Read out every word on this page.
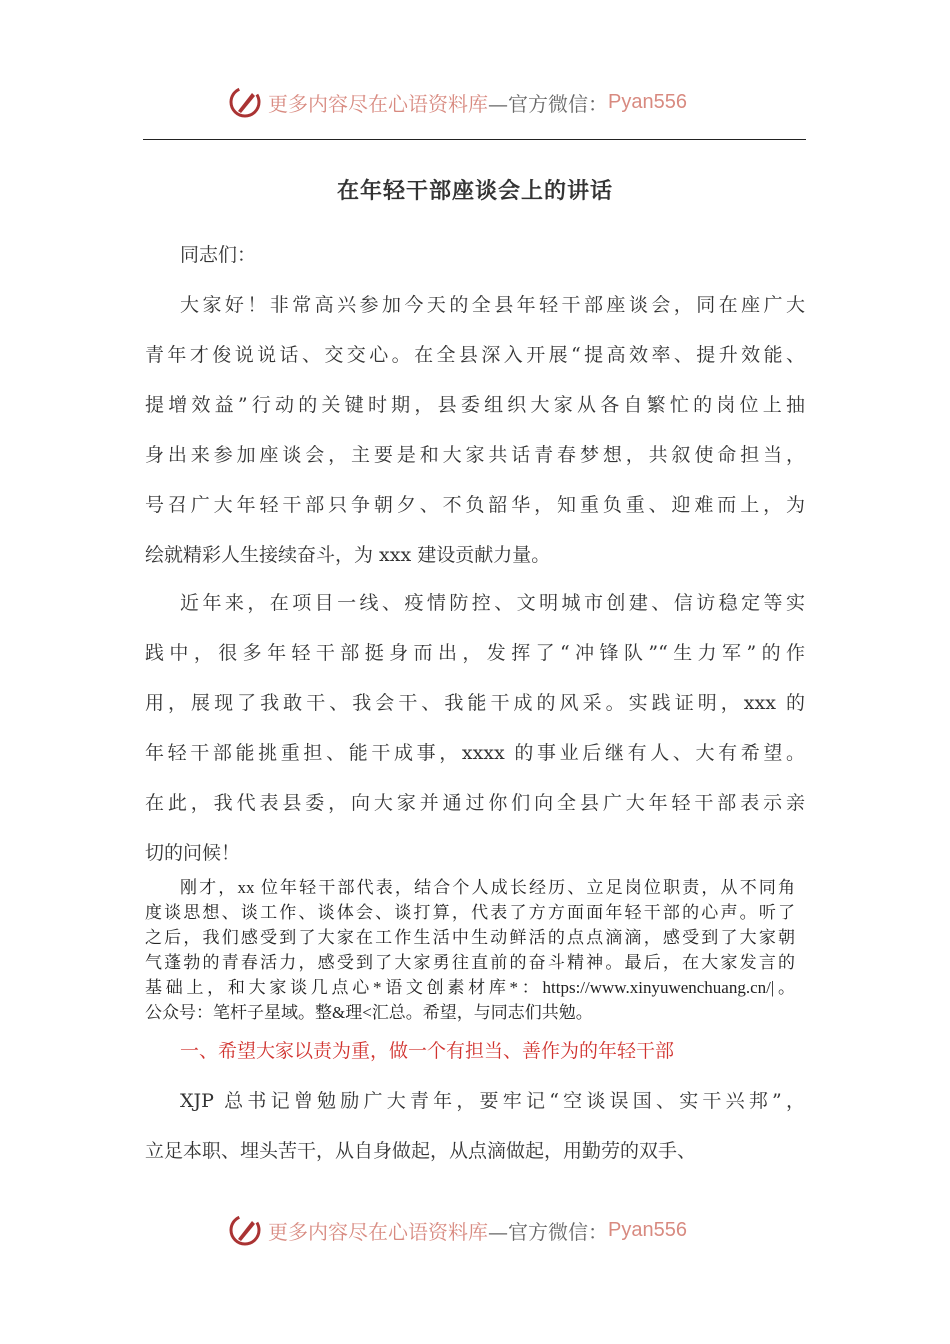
更多内容尽在心语资料库 —官方微信： Pyan556
在年轻干部座谈会上的讲话
同志们：
大家好！非常高兴参加今天的全县年轻干部座谈会，同在座广大
青年才俊说说话、交交心。在全县深入开展“提高效率、提升效能、
提增效益”行动的关键时期，县委组织大家从各自繁忙的岗位上抽
身出来参加座谈会，主要是和大家共话青春梦想，共叙使命担当，
号召广大年轻干部只争朝夕、不负韶华，知重负重、迎难而上，为
绘就精彩人生接续奋斗，为 xxx 建设贡献力量。
近年来，在项目一线、疫情防控、文明城市创建、信访稳定等实
践中，很多年轻干部挺身而出，发挥了“冲锋队”“生力军”的作
用，展现了我敢干、我会干、我能干成的风采。实践证明，xxx 的
年轻干部能挑重担、能干成事，xxxx 的事业后继有人、大有希望。
在此，我代表县委，向大家并通过你们向全县广大年轻干部表示亲
切的问候！
刚才，xx 位年轻干部代表，结合个人成长经历、立足岗位职责，从不同角
度谈思想、谈工作、谈体会、谈打算，代表了方方面面年轻干部的心声。听了
之后，我们感受到了大家在工作生活中生动鲜活的点点滴滴，感受到了大家朝
气蓬勃的青春活力，感受到了大家勇往直前的奋斗精神。最后，在大家发言的
基础上，和大家谈几点心*语文创素材库*：https://www.xinyuwenchuang.cn/|。
公众号：笔杆子星域。整&理<汇总。希望，与同志们共勉。
XJP 总书记曾勉励广大青年，要牢记“空谈误国、实干兴邦”，
立足本职、埋头苦干，从自身做起，从点滴做起，用勤劳的双手、
一、希望大家以责为重，做一个有担当、善作为的年轻干部
更多内容尽在心语资料库 —官方微信： Pyan556
